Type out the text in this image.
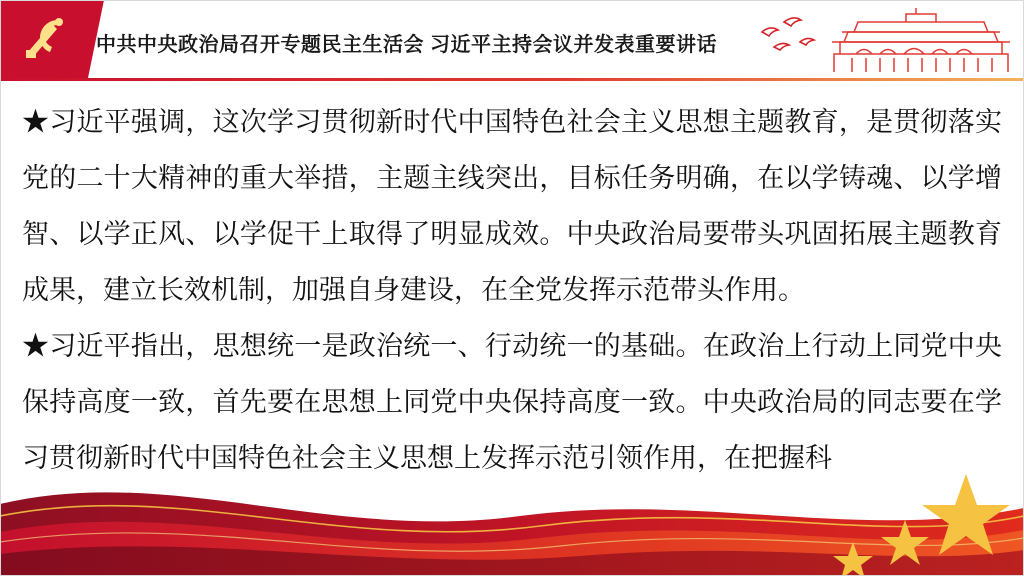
中共中央政治局召开专题民主生活会 习近平主持会议并发表重要讲话

★习近平强调，这次学习贯彻新时代中国特色社会主义思想主题教育，是贯彻落实党的二十大精神的重大举措，主题主线突出，目标任务明确，在以学铸魂、以学增智、以学正风、以学促干上取得了明显成效。中央政治局要带头巩固拓展主题教育成果，建立长效机制，加强自身建设，在全党发挥示范带头作用。

★习近平指出，思想统一是政治统一、行动统一的基础。在政治上行动上同党中央保持高度一致，首先要在思想上同党中央保持高度一致。中央政治局的同志要在学习贯彻新时代中国特色社会主义思想上发挥示范引领作用，在把握科
